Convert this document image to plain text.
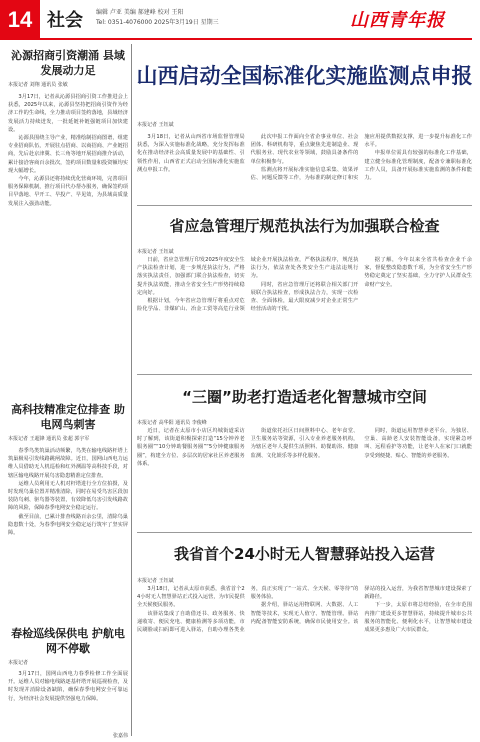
14 社会 编辑 卢亚 美编 郝建峰 校对 王阳
Tel: 0351-4076000 2025年3月19日 星期三	山西青年报
沁源招商引资潮涌 县域发展动力足
本报记者 刘翔 通讯员 张敏

3月17日，记者从沁源县招商引资工作推进会上获悉，2025年以来，沁源县坚持把招商引资作为经济工作的生命线，全力推动项目签约落地，县域经济发展活力持续迸发，一批延链补链强链项目加快建设。

沁源县围绕主导产业，精准绘制招商图谱，组建专业招商队伍，开展驻点招商、以商招商、产业链招商，先后赴京津冀、长三角等地开展招商推介活动，累计接洽客商百余批次，签约项目数量和投资额均实现大幅增长。

今年，沁源县还将持续优化营商环境，完善项目服务保障机制，推行项目代办帮办服务，确保签约项目早落地、早开工、早投产、早见效，为县域高质量发展注入强劲动能。

高科技精准定位排查 助电网鸟刺害
本报记者 王超锋 通讯员 张超 郭宇军

春季鸟类筑巢活动频繁，鸟类在输电线路杆塔上筑巢极易引发线路跳闸故障。近日，国网山西电力运维人员借助无人机巡检和红外测温等高科技手段，对辖区输电线路开展鸟害隐患精准定位排查。

运维人员利用无人机对杆塔进行全方位拍摄，及时发现鸟巢位置并精准清除，同时在易受鸟害区段加装防鸟刺、驱鸟器等装置，有效降低鸟害引发线路故障的风险，保障春季电网安全稳定运行。

截至目前，已累计排查线路百余公里，清除鸟巢隐患数十处，为春季电网安全稳定运行筑牢了坚实屏障。

春检巡线保供电 护航电网不停歇
本报记者

3月17日，国网山西电力春季检修工作全面展开。运维人员对输电线路逐基杆塔开展巡视检查，及时发现并消除设备缺陷，确保春季电网安全可靠运行，为经济社会发展提供坚强电力保障。

张嘉伟
山西启动全国标准化实施监测点申报
本报记者 王钰斌

3月18日，记者从山西省市场监督管理局获悉，为深入实施标准化战略，充分发挥标准化在推动经济社会高质量发展中的基础性、引领性作用，山西省正式启动全国标准化实施监测点申报工作。

此次申报工作面向全省企事业单位、社会团体、科研机构等，重点聚焦先进制造业、现代服务业、现代农业等领域，鼓励具备条件的单位积极参与。

监测点将开展标准实施信息采集、效果评估、问题反馈等工作，为标准的制定修订和实施应用提供数据支撑，进一步提升标准化工作水平。

申报单位需具有较强的标准化工作基础，建立健全标准化管理制度，配备专兼职标准化工作人员，具备开展标准实施监测的条件和能力。

省应急管理厅规范执法行为加强联合检查
本报记者 王钰斌

日前，省应急管理厅印发2025年度安全生产执法检查计划，进一步规范执法行为，严格落实执法责任，加强部门联合执法检查，切实提升执法效能，推动全省安全生产形势持续稳定向好。

根据计划，今年省应急管理厅将重点对危险化学品、非煤矿山、冶金工贸等高危行业领域企业开展执法检查，严格执法程序，规范执法行为，依法查处各类安全生产违法违规行为。

同时，省应急管理厅还将联合相关部门开展联合执法检查，形成执法合力，实现一次检查、全面体检，最大限度减少对企业正常生产经营活动的干扰。

据了解，今年以来全省共检查企业千余家，督促整改隐患数千项，为全省安全生产形势稳定奠定了坚实基础，全力守护人民群众生命财产安全。

“三圈”助老打造适老化智慧城市空间
本报记者 高华阳 通讯员 李俊峰

近日，记者在太原市小店区坞城街道采访时了解到，该街道积极探索打造“15分钟养老服务圈”“10分钟助餐服务圈”“5分钟健康服务圈”，构建全方位、多层次的居家社区养老服务体系。

街道依托社区日间照料中心、老年食堂、卫生服务站等资源，引入专业养老服务机构，为辖区老年人提供生活照料、助餐助浴、健康监测、文化娱乐等多样化服务。

同时，街道运用智慧养老平台，为独居、空巢、高龄老人安装智能设备，实现紧急呼叫、远程看护等功能，让老年人在家门口就能享受到便捷、贴心、智能的养老服务。

我省首个24小时无人智慧驿站投入运营
本报记者 王钰斌

3月18日，记者从太原市获悉，我省首个24小时无人智慧驿站正式投入运营，为市民提供全天候便民服务。

该驿站集成了自助借还书、政务服务、快递收寄、便民充电、健康检测等多项功能，市民刷脸或扫码即可进入驿站，自助办理各类业务，真正实现了“一站式、全天候、零等待”的服务体验。

据介绍，驿站运用物联网、大数据、人工智能等技术，实现无人值守、智能管理。驿站内配备智能安防系统，确保市民使用安全。该驿站的投入运营，为我省智慧城市建设探索了新路径。

下一步，太原市将总结经验，在全市范围内推广建设更多智慧驿站，持续提升城市公共服务的智能化、便利化水平，让智慧城市建设成果更多惠及广大市民群众。
